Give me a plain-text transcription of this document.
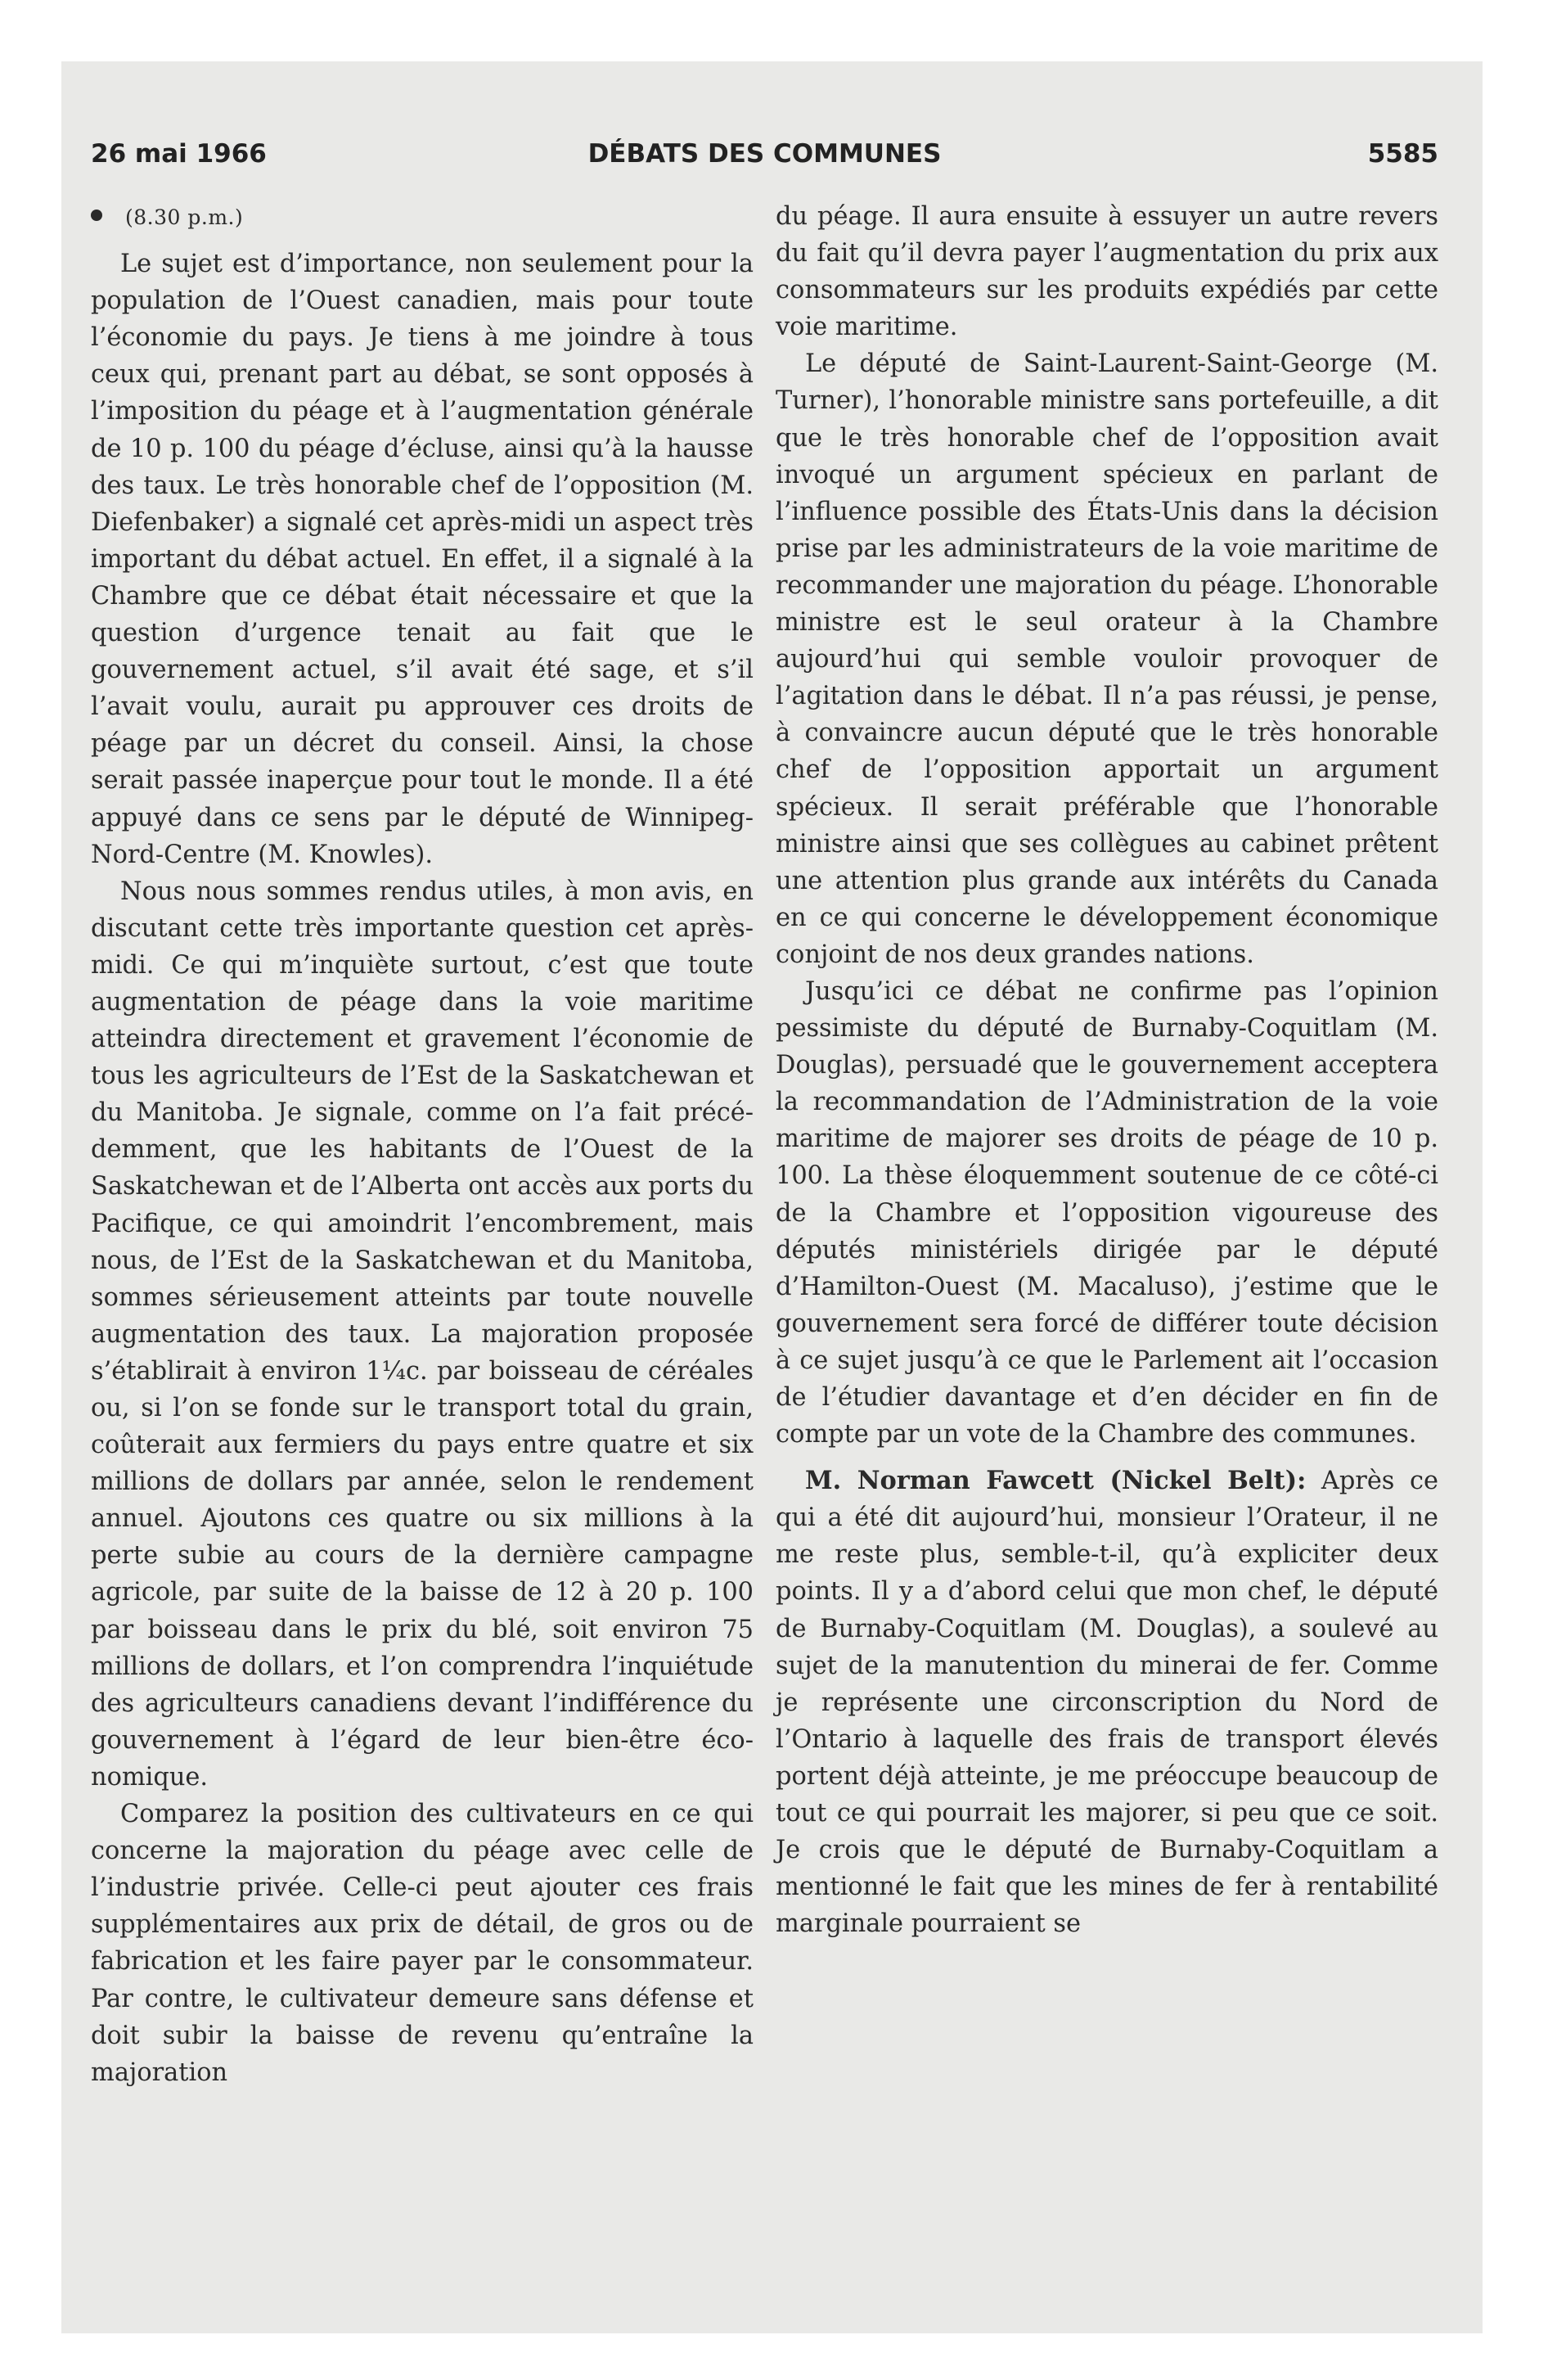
26 mai 1966	DÉBATS DES COMMUNES	5585

(8.30 p.m.)

Le sujet est d’importance, non seulement pour la population de l’Ouest canadien, mais pour toute l’économie du pays. Je tiens à me joindre à tous ceux qui, prenant part au débat, se sont opposés à l’imposition du péage et à l’augmentation générale de 10 p. 100 du péage d’écluse, ainsi qu’à la hausse des taux. Le très honorable chef de l’opposition (M. Diefenbaker) a signalé cet après-midi un aspect très important du débat actuel. En effet, il a signalé à la Chambre que ce débat était nécessaire et que la question d’urgence tenait au fait que le gouvernement actuel, s’il avait été sage, et s’il l’avait voulu, aurait pu approuver ces droits de péage par un décret du conseil. Ainsi, la chose serait passée inaperçue pour tout le monde. Il a été appuyé dans ce sens par le député de Winnipeg-Nord-Centre (M. Knowles).

Nous nous sommes rendus utiles, à mon avis, en discutant cette très importante question cet après-midi. Ce qui m’inquiète surtout, c’est que toute augmentation de péage dans la voie maritime atteindra directement et gravement l’économie de tous les agriculteurs de l’Est de la Saskatchewan et du Manitoba. Je signale, comme on l’a fait précédemment, que les habitants de l’Ouest de la Saskatchewan et de l’Alberta ont accès aux ports du Pacifique, ce qui amoindrit l’encombrement, mais nous, de l’Est de la Saskatchewan et du Manitoba, sommes sérieusement atteints par toute nouvelle augmentation des taux. La majoration proposée s’établirait à environ 1¼c. par boisseau de céréales ou, si l’on se fonde sur le transport total du grain, coûterait aux fermiers du pays entre quatre et six millions de dollars par année, selon le rendement annuel. Ajoutons ces quatre ou six millions à la perte subie au cours de la dernière campagne agricole, par suite de la baisse de 12 à 20 p. 100 par boisseau dans le prix du blé, soit environ 75 millions de dollars, et l’on comprendra l’inquiétude des agriculteurs canadiens devant l’indifférence du gouvernement à l’égard de leur bien-être économique.

Comparez la position des cultivateurs en ce qui concerne la majoration du péage avec celle de l’industrie privée. Celle-ci peut ajouter ces frais supplémentaires aux prix de détail, de gros ou de fabrication et les faire payer par le consommateur. Par contre, le cultivateur demeure sans défense et doit subir la baisse de revenu qu’entraîne la majoration

du péage. Il aura ensuite à essuyer un autre revers du fait qu’il devra payer l’augmentation du prix aux consommateurs sur les produits expédiés par cette voie maritime.

Le député de Saint-Laurent-Saint-George (M. Turner), l’honorable ministre sans portefeuille, a dit que le très honorable chef de l’opposition avait invoqué un argument spécieux en parlant de l’influence possible des États-Unis dans la décision prise par les administrateurs de la voie maritime de recommander une majoration du péage. L’honorable ministre est le seul orateur à la Chambre aujourd’hui qui semble vouloir provoquer de l’agitation dans le débat. Il n’a pas réussi, je pense, à convaincre aucun député que le très honorable chef de l’opposition apportait un argument spécieux. Il serait préférable que l’honorable ministre ainsi que ses collègues au cabinet prêtent une attention plus grande aux intérêts du Canada en ce qui concerne le développement économique conjoint de nos deux grandes nations.

Jusqu’ici ce débat ne confirme pas l’opinion pessimiste du député de Burnaby-Coquitlam (M. Douglas), persuadé que le gouvernement acceptera la recommandation de l’Administration de la voie maritime de majorer ses droits de péage de 10 p. 100. La thèse éloquemment soutenue de ce côté-ci de la Chambre et l’opposition vigoureuse des députés ministériels dirigée par le député d’Hamilton-Ouest (M. Macaluso), j’estime que le gouvernement sera forcé de différer toute décision à ce sujet jusqu’à ce que le Parlement ait l’occasion de l’étudier davantage et d’en décider en fin de compte par un vote de la Chambre des communes.

M. Norman Fawcett (Nickel Belt): Après ce qui a été dit aujourd’hui, monsieur l’Orateur, il ne me reste plus, semble-t-il, qu’à expliciter deux points. Il y a d’abord celui que mon chef, le député de Burnaby-Coquitlam (M. Douglas), a soulevé au sujet de la manutention du minerai de fer. Comme je représente une circonscription du Nord de l’Ontario à laquelle des frais de transport élevés portent déjà atteinte, je me préoccupe beaucoup de tout ce qui pourrait les majorer, si peu que ce soit. Je crois que le député de Burnaby-Coquitlam a mentionné le fait que les mines de fer à rentabilité marginale pourraient se
